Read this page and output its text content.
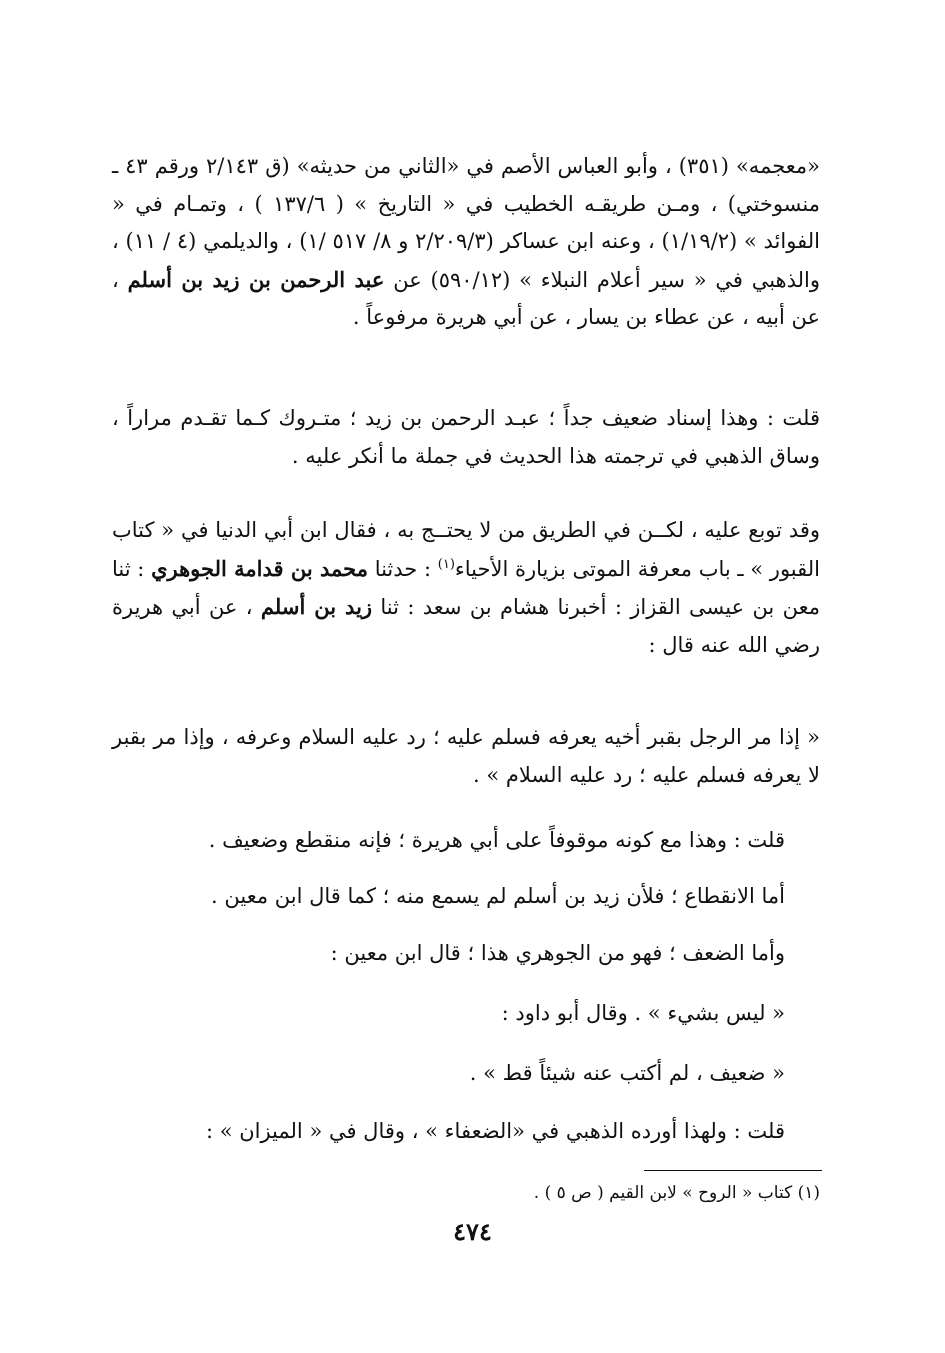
«معجمه» (٣٥١) ، وأبو العباس الأصم في «الثاني من حديثه» (ق ٢/١٤٣ ورقم ٤٣ ـ منسوختي) ، ومـن طريقـه الخطيب في « التاريخ » ( ١٣٧/٦ ) ، وتمـام في « الفوائد » (١/١٩/٢) ، وعنه ابن عساكر (٢/٢٠٩/٣ و ٨/ ٥١٧ /١) ، والديلمي (٤ / ١١) ، والذهبي في « سير أعلام النبلاء » (٥٩٠/١٢) عن عبد الرحمن بن زيد بن أسلم ، عن أبيه ، عن عطاء بن يسار ، عن أبي هريرة مرفوعاً .

قلت : وهذا إسناد ضعيف جداً ؛ عبـد الرحمن بن زيد ؛ متـروك كـما تقـدم مراراً ، وساق الذهبي في ترجمته هذا الحديث في جملة ما أنكر عليه .

وقد توبع عليه ، لكــن في الطريق من لا يحتــج به ، فقال ابن أبي الدنيا في « كتاب القبور » ـ باب معرفة الموتى بزيارة الأحياء$^{(١)}$ : حدثنا محمد بن قدامة الجوهري : ثنا معن بن عيسى القزاز : أخبرنا هشام بن سعد : ثنا زيد بن أسلم ، عن أبي هريرة رضي الله عنه قال :

« إذا مر الرجل بقبر أخيه يعرفه فسلم عليه ؛ رد عليه السلام وعرفه ، وإذا مر بقبر لا يعرفه فسلم عليه ؛ رد عليه السلام » .

قلت : وهذا مع كونه موقوفاً على أبي هريرة ؛ فإنه منقطع وضعيف .
أما الانقطاع ؛ فلأن زيد بن أسلم لم يسمع منه ؛ كما قال ابن معين .
وأما الضعف ؛ فهو من الجوهري هذا ؛ قال ابن معين :
« ليس بشيء » . وقال أبو داود :
« ضعيف ، لم أكتب عنه شيئاً قط » .
قلت : ولهذا أورده الذهبي في «الضعفاء » ، وقال في « الميزان » :
(١) كتاب « الروح » لابن القيم ( ص ٥ ) .
٤٧٤
